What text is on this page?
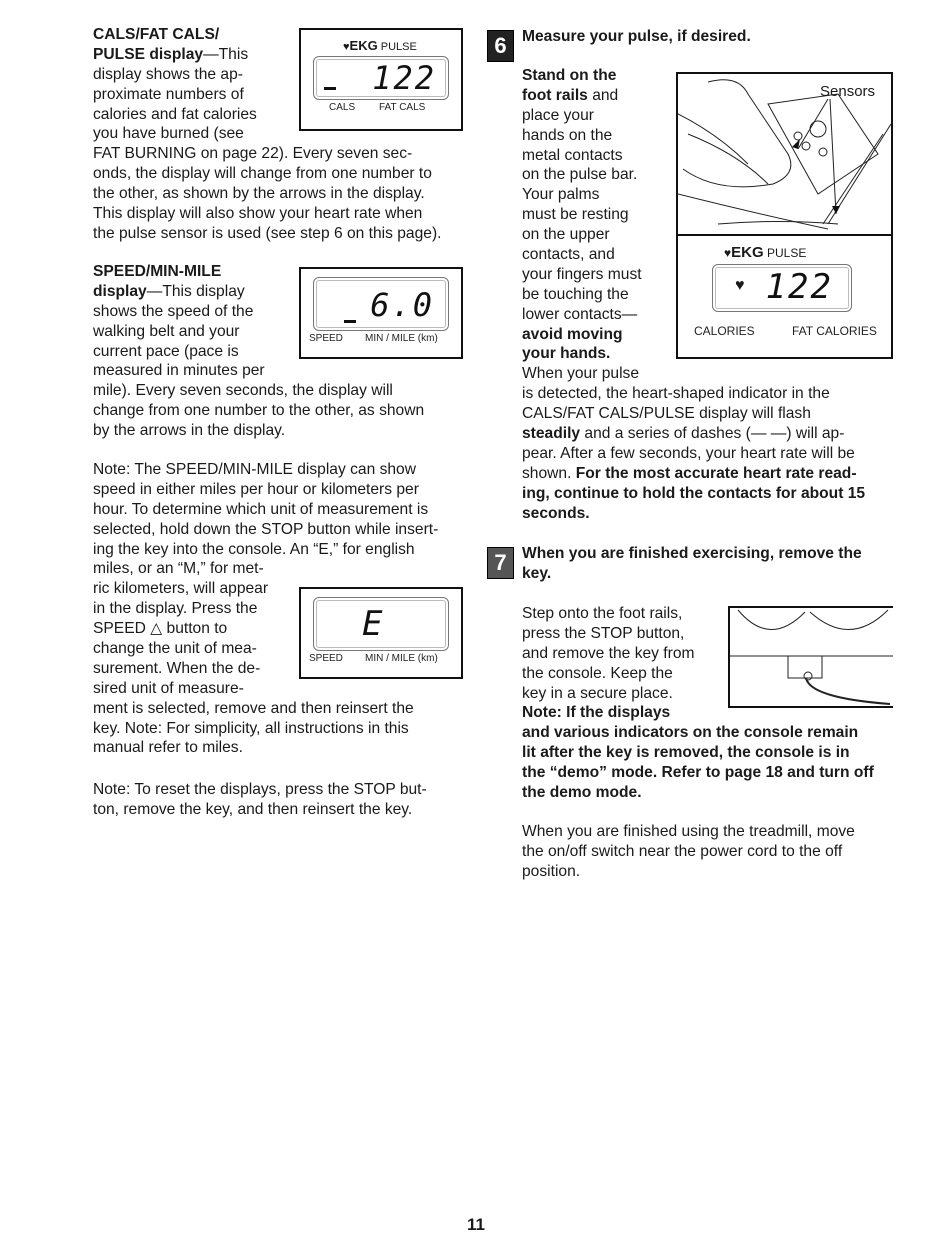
CALS/FAT CALS/
PULSE display—This
display shows the ap-
proximate numbers of
calories and fat calories
you have burned (see
FAT BURNING on page 22). Every seven sec-
onds, the display will change from one number to
the other, as shown by the arrows in the display.
This display will also show your heart rate when
the pulse sensor is used (see step 6 on this page).
SPEED/MIN-MILE
display—This display
shows the speed of the
walking belt and your
current pace (pace is
measured in minutes per
mile). Every seven seconds, the display will
change from one number to the other, as shown
by the arrows in the display.
Note: The SPEED/MIN-MILE display can show
speed in either miles per hour or kilometers per
hour. To determine which unit of measurement is
selected, hold down the STOP button while insert-
ing the key into the console. An “E,” for english
miles, or an “M,” for met-
ric kilometers, will appear
in the display. Press the
SPEED △ button to
change the unit of mea-
surement. When the de-
sired unit of measure-
ment is selected, remove and then reinsert the
key. Note: For simplicity, all instructions in this
manual refer to miles.
Note: To reset the displays, press the STOP but-
ton, remove the key, and then reinsert the key.
♥EKG PULSE
122
CALS FAT CALS
6.0
SPEED MIN / MILE (km)
E
SPEED MIN / MILE (km)
6 Measure your pulse, if desired.
Stand on the
foot rails and
place your
hands on the
metal contacts
on the pulse bar.
Your palms
must be resting
on the upper
contacts, and
your fingers must
be touching the
lower contacts—
avoid moving
your hands.
When your pulse
is detected, the heart-shaped indicator in the
CALS/FAT CALS/PULSE display will flash
steadily and a series of dashes (— —) will ap-
pear. After a few seconds, your heart rate will be
shown. For the most accurate heart rate read-
ing, continue to hold the contacts for about 15
seconds.
Sensors
♥EKG PULSE
♥ 122
CALORIES	FAT CALORIES
7 When you are finished exercising, remove the
key.
Step onto the foot rails,
press the STOP button,
and remove the key from
the console. Keep the
key in a secure place.
Note: If the displays
and various indicators on the console remain
lit after the key is removed, the console is in
the “demo” mode. Refer to page 18 and turn off
the demo mode.
When you are finished using the treadmill, move
the on/off switch near the power cord to the off
position.
11
